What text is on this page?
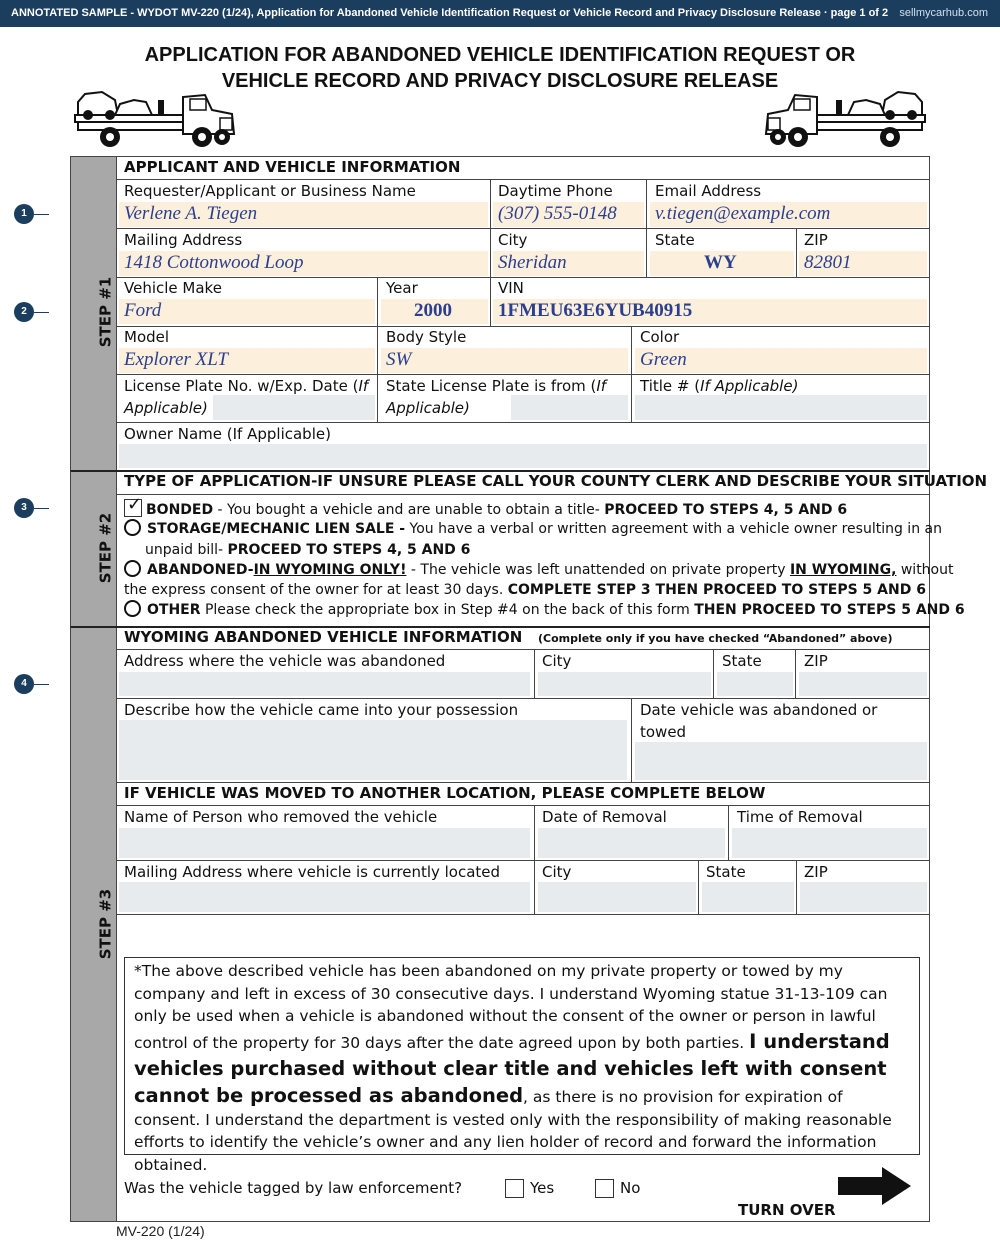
ANNOTATED SAMPLE - WYDOT MV-220 (1/24), Application for Abandoned Vehicle Identification Request or Vehicle Record and Privacy Disclosure Release · page 1 of 2 sellmycarhub.com
APPLICATION FOR ABANDONED VEHICLE IDENTIFICATION REQUEST OR
VEHICLE RECORD AND PRIVACY DISCLOSURE RELEASE
1
2
3
4
STEP #1
STEP #2
STEP #3
APPLICANT AND VEHICLE INFORMATION
Requester/Applicant or Business Name	Daytime Phone	Email Address
Verlene A. Tiegen	(307) 555-0148 v.tiegen@example.com
Mailing Address	City	State	ZIP
1418 Cottonwood Loop	Sheridan	WY	82801
Vehicle Make	Year	VIN
Ford	2000 1FMEU63E6YUB40915
Model	Body Style	Color
Explorer XLT	SW	Green
License Plate No. w/Exp. Date (If
Applicable)
State License Plate is from (If
Applicable)
Title # (If Applicable)
Owner Name (If Applicable)
TYPE OF APPLICATION-IF UNSURE PLEASE CALL YOUR COUNTY CLERK AND DESCRIBE YOUR SITUATION
✓ BONDED - You bought a vehicle and are unable to obtain a title- PROCEED TO STEPS 4, 5 AND 6
STORAGE/MECHANIC LIEN SALE - You have a verbal or written agreement with a vehicle owner resulting in an
unpaid bill- PROCEED TO STEPS 4, 5 AND 6
ABANDONED-IN WYOMING ONLY! - The vehicle was left unattended on private property IN WYOMING, without
the express consent of the owner for at least 30 days. COMPLETE STEP 3 THEN PROCEED TO STEPS 5 AND 6
OTHER Please check the appropriate box in Step #4 on the back of this form THEN PROCEED TO STEPS 5 AND 6
WYOMING ABANDONED VEHICLE INFORMATION (Complete only if you have checked “Abandoned” above)
Address where the vehicle was abandoned	City	State	ZIP
Describe how the vehicle came into your possession	Date vehicle was abandoned or
towed
IF VEHICLE WAS MOVED TO ANOTHER LOCATION, PLEASE COMPLETE BELOW
Name of Person who removed the vehicle	Date of Removal	Time of Removal
Mailing Address where vehicle is currently located	City	State	ZIP
*The above described vehicle has been abandoned on my private property or towed by my company and left in excess of 30 consecutive days. I understand Wyoming statue 31-13-109 can only be used when a vehicle is abandoned without the consent of the owner or person in lawful control of the property for 30 days after the date agreed upon by both parties. I understand vehicles purchased without clear title and vehicles left with consent cannot be processed as abandoned, as there is no provision for expiration of consent. I understand the department is vested only with the responsibility of making reasonable efforts to identify the vehicle’s owner and any lien holder of record and forward the information obtained.
Was the vehicle tagged by law enforcement?	Yes	No
TURN OVER
MV-220 (1/24)
